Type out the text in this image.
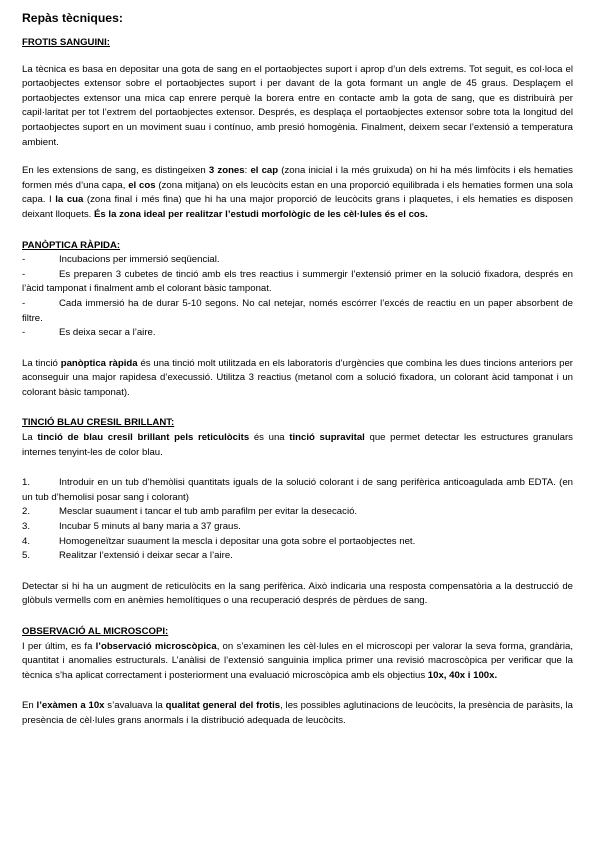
Repàs tècniques:
FROTIS SANGUINI:

La tècnica es basa en depositar una gota de sang en el portaobjectes suport i aprop d’un dels extrems. Tot seguit, es col·loca el portaobjectes extensor sobre el portaobjectes suport i per davant de la gota formant un angle de 45 graus. Desplaçem el portaobjectes extensor una mica cap enrere perquè la borera entre en contacte amb la gota de sang, que es distribuirà per capil·laritat per tot l’extrem del portaobjectes extensor. Després, es desplaça el portaobjectes extensor sobre tota la longitud del portaobjectes suport en un moviment suau i contínuo, amb presió homogènia. Finalment, deixem secar l’extensió a temperatura ambient.

En les extensions de sang, es distingeixen 3 zones: el cap (zona inicial i la més gruixuda) on hi ha més limfòcits i els hematies formen més d’una capa, el cos (zona mitjana) on els leucòcits estan en una proporció equilibrada i els hematies formen una sola capa. I la cua (zona final i més fina) que hi ha una major proporció de leucòcits grans i plaquetes, i els hematies es disposen deixant lloquets. És la zona ideal per realitzar l’estudi morfològic de les cèl·lules és el cos.

PANÒPTICA RÀPIDA:
-	Incubacions per immersió seqüencial.
-	Es preparen 3 cubetes de tinció amb els tres reactius i summergir l’extensió primer en la solució fixadora, després en l’àcid tamponat i finalment amb el colorant bàsic tamponat.
-	Cada immersió ha de durar 5-10 segons. No cal netejar, només escórrer l’excés de reactiu en un paper absorbent de filtre.
-	Es deixa secar a l’aire.

La tinció panòptica ràpida és una tinció molt utilitzada en els laboratoris d’urgències que combina les dues tincions anteriors per aconseguir una major rapidesa d’execussió. Utilitza 3 reactius (metanol com a solució fixadora, un colorant àcid tamponat i un colorant bàsic tamponat).

TINCIÓ BLAU CRESIL BRILLANT:

La tinció de blau cresil brillant pels reticulòcits és una tinció supravital que permet detectar les estructures granulars internes tenyint-les de color blau.

1.	Introduir en un tub d’hemòlisi quantitats iguals de la solució colorant i de sang perifèrica anticoagulada amb EDTA. (en un tub d’hemolisi posar sang i colorant)
2.	Mesclar suaument i tancar el tub amb parafilm per evitar la desecació.
3.	Incubar 5 minuts al bany maria a 37 graus.
4.	Homogeneïtzar suaument la mescla i depositar una gota sobre el portaobjectes net.
5.	Realitzar l’extensió i deixar secar a l’aire.

Detectar si hi ha un augment de reticulòcits en la sang perifèrica. Això indicaria una resposta compensatòria a la destrucció de glòbuls vermells com en anèmies hemolítiques o una recuperació després de pèrdues de sang.

OBSERVACIÓ AL MICROSCOPI:

I per últim, es fa l’observació microscòpica, on s’examinen les cèl·lules en el microscopi per valorar la seva forma, grandària, quantitat i anomalies estructurals. L’anàlisi de l’extensió sanguinia implica primer una revisió macroscòpica per verificar que la tècnica s’ha aplicat correctament i posteriorment una evaluació microscòpica amb els objectius 10x, 40x i 100x.

En l’exàmen a 10x s’avaluava la qualitat general del frotis, les possibles aglutinacions de leucòcits, la presència de paràsits, la presència de cèl·lules grans anormals i la distribució adequada de leucòcits.
